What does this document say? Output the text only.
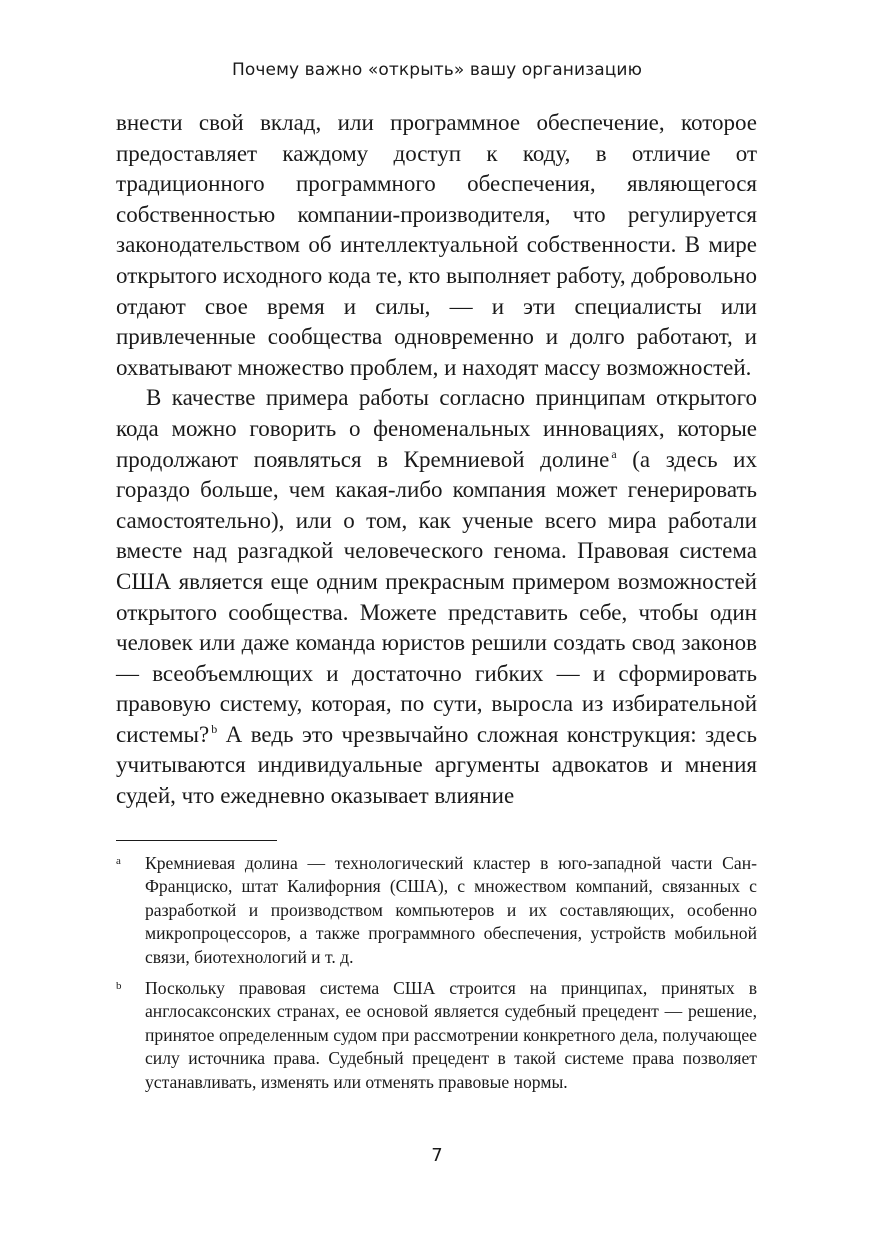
Почему важно «открыть» вашу организацию

внести свой вклад, или программное обеспечение, которое предоставляет каждому доступ к коду, в отличие от традиционного программного обеспечения, являющегося собственностью компании-производителя, что регулируется законодательством об интеллектуальной собственности. В мире открытого исходного кода те, кто выполняет работу, добровольно отдают свое время и силы, — и эти специалисты или привлеченные сообщества одновременно и долго работают, и охватывают множество проблем, и находят массу возможностей.

В качестве примера работы согласно принципам открытого кода можно говорить о феноменальных инновациях, которые продолжают появляться в Кремниевой долине $^a$ (а здесь их гораздо больше, чем какая-либо компания может генерировать самостоятельно), или о том, как ученые всего мира работали вместе над разгадкой человеческого генома. Правовая система США является еще одним прекрасным примером возможностей открытого сообщества. Можете представить себе, чтобы один человек или даже команда юристов решили создать свод законов — всеобъемлющих и достаточно гибких — и сформировать правовую систему, которая, по сути, выросла из избирательной системы? $^b$ А ведь это чрезвычайно сложная конструкция: здесь учитываются индивидуальные аргументы адвокатов и мнения судей, что ежедневно оказывает влияние

a Кремниевая долина — технологический кластер в юго-западной части Сан-Франциско, штат Калифорния (США), с множеством компаний, связанных с разработкой и производством компьютеров и их составляющих, особенно микропроцессоров, а также программного обеспечения, устройств мобильной связи, биотехнологий и т. д.
b Поскольку правовая система США строится на принципах, принятых в англосаксонских странах, ее основой является судебный прецедент — решение, принятое определенным судом при рассмотрении конкретного дела, получающее силу источника права. Судебный прецедент в такой системе права позволяет устанавливать, изменять или отменять правовые нормы.
7
